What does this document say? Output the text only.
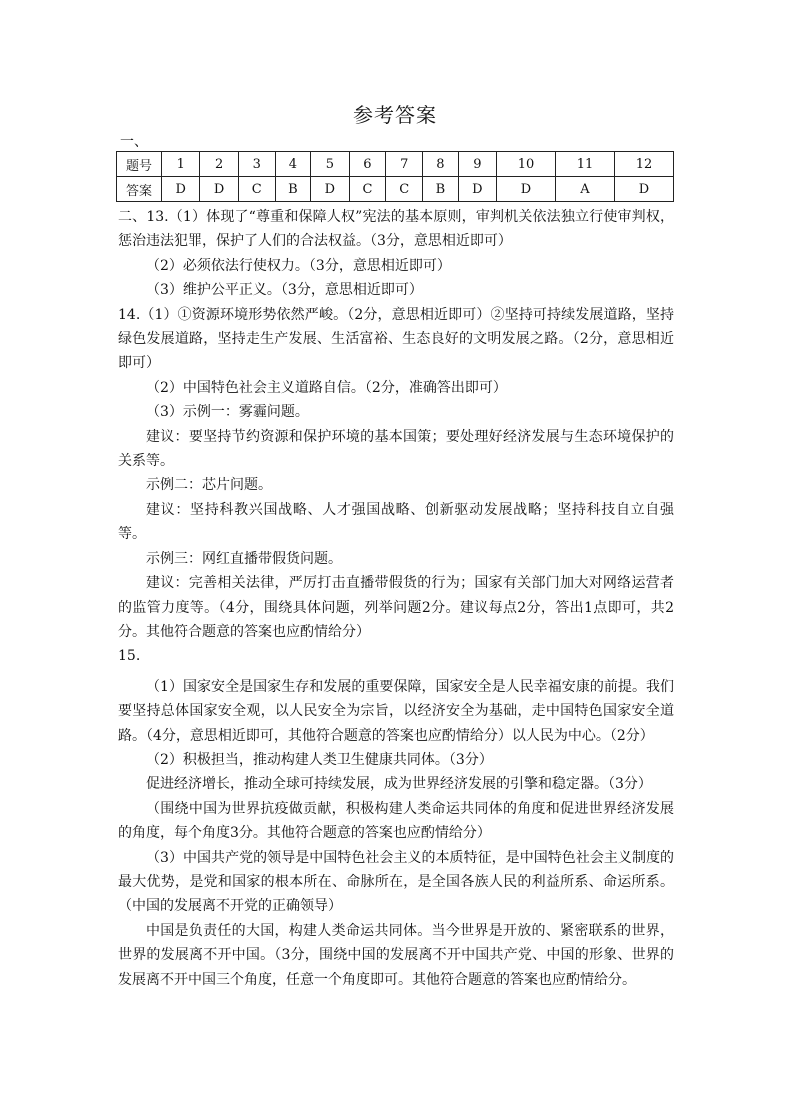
参考答案
一、
题号	1	2	3	4	5	6	7	8	9	10	11	12
答案	D	D	C	B	D	C	C	B	D	D	A	D

二、13.（1）体现了“尊重和保障人权”宪法的基本原则，审判机关依法独立行使审判权，惩治违法犯罪，保护了人们的合法权益。（3分，意思相近即可）

（2）必须依法行使权力。（3分，意思相近即可）

（3）维护公平正义。（3分，意思相近即可）

14.（1）①资源环境形势依然严峻。（2分，意思相近即可）②坚持可持续发展道路，坚持绿色发展道路，坚持走生产发展、生活富裕、生态良好的文明发展之路。（2分，意思相近即可）

（2）中国特色社会主义道路自信。（2分，准确答出即可）

（3）示例一：雾霾问题。

建议：要坚持节约资源和保护环境的基本国策；要处理好经济发展与生态环境保护的关系等。

示例二：芯片问题。

建议：坚持科教兴国战略、人才强国战略、创新驱动发展战略；坚持科技自立自强等。

示例三：网红直播带假货问题。

建议：完善相关法律，严厉打击直播带假货的行为；国家有关部门加大对网络运营者的监管力度等。（4分，围绕具体问题，列举问题2分。建议每点2分，答出1点即可，共2分。其他符合题意的答案也应酌情给分）

15.

（1）国家安全是国家生存和发展的重要保障，国家安全是人民幸福安康的前提。我们要坚持总体国家安全观，以人民安全为宗旨，以经济安全为基础，走中国特色国家安全道路。（4分，意思相近即可，其他符合题意的答案也应酌情给分）以人民为中心。（2分）

（2）积极担当，推动构建人类卫生健康共同体。（3分）

促进经济增长，推动全球可持续发展，成为世界经济发展的引擎和稳定器。（3分）

（围绕中国为世界抗疫做贡献，积极构建人类命运共同体的角度和促进世界经济发展的角度，每个角度3分。其他符合题意的答案也应酌情给分）

（3）中国共产党的领导是中国特色社会主义的本质特征，是中国特色社会主义制度的最大优势，是党和国家的根本所在、命脉所在，是全国各族人民的利益所系、命运所系。（中国的发展离不开党的正确领导）

中国是负责任的大国，构建人类命运共同体。当今世界是开放的、紧密联系的世界，世界的发展离不开中国。（3分，围绕中国的发展离不开中国共产党、中国的形象、世界的发展离不开中国三个角度，任意一个角度即可。其他符合题意的答案也应酌情给分。
